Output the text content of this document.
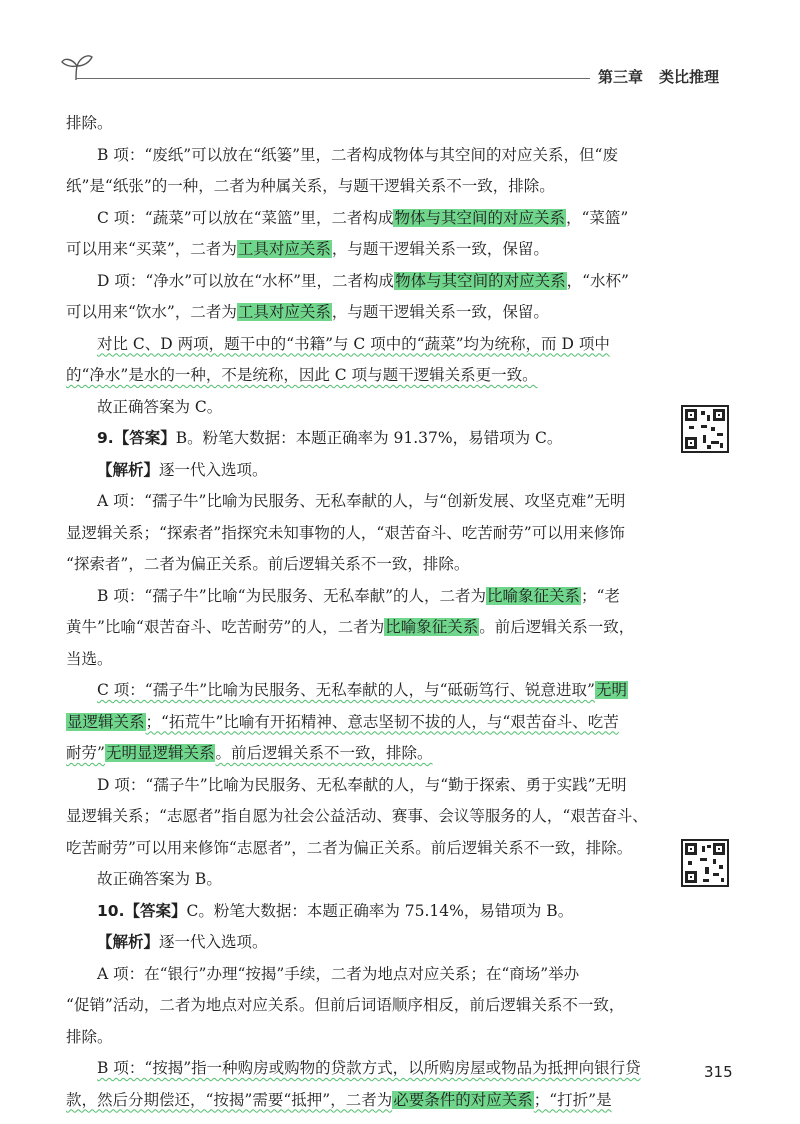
第三章 类比推理
排除。
B 项：“废纸”可以放在“纸篓”里，二者构成物体与其空间的对应关系，但“废
纸”是“纸张”的一种，二者为种属关系，与题干逻辑关系不一致，排除。
C 项：“蔬菜”可以放在“菜篮”里，二者构成物体与其空间的对应关系，“菜篮”
可以用来“买菜”，二者为工具对应关系，与题干逻辑关系一致，保留。
D 项：“净水”可以放在“水杯”里，二者构成物体与其空间的对应关系，“水杯”
可以用来“饮水”，二者为工具对应关系，与题干逻辑关系一致，保留。
对比 C、D 两项，题干中的“书籍”与 C 项中的“蔬菜”均为统称，而 D 项中
的“净水”是水的一种，不是统称，因此 C 项与题干逻辑关系更一致。
故正确答案为 C。
9.【答案】B。粉笔大数据：本题正确率为 91.37%，易错项为 C。
【解析】逐一代入选项。
A 项：“孺子牛”比喻为民服务、无私奉献的人，与“创新发展、攻坚克难”无明
显逻辑关系；“探索者”指探究未知事物的人，“艰苦奋斗、吃苦耐劳”可以用来修饰
“探索者”，二者为偏正关系。前后逻辑关系不一致，排除。
B 项：“孺子牛”比喻“为民服务、无私奉献”的人，二者为比喻象征关系；“老
黄牛”比喻“艰苦奋斗、吃苦耐劳”的人，二者为比喻象征关系。前后逻辑关系一致，
当选。
C 项：“孺子牛”比喻为民服务、无私奉献的人，与“砥砺笃行、锐意进取”无明
显逻辑关系；“拓荒牛”比喻有开拓精神、意志坚韧不拔的人，与“艰苦奋斗、吃苦
耐劳”无明显逻辑关系。前后逻辑关系不一致，排除。
D 项：“孺子牛”比喻为民服务、无私奉献的人，与“勤于探索、勇于实践”无明
显逻辑关系；“志愿者”指自愿为社会公益活动、赛事、会议等服务的人，“艰苦奋斗、
吃苦耐劳”可以用来修饰“志愿者”，二者为偏正关系。前后逻辑关系不一致，排除。
故正确答案为 B。
10.【答案】C。粉笔大数据：本题正确率为 75.14%，易错项为 B。
【解析】逐一代入选项。
A 项：在“银行”办理“按揭”手续，二者为地点对应关系；在“商场”举办
“促销”活动，二者为地点对应关系。但前后词语顺序相反，前后逻辑关系不一致，
排除。
B 项：“按揭”指一种购房或购物的贷款方式，以所购房屋或物品为抵押向银行贷
款，然后分期偿还，“按揭”需要“抵押”，二者为必要条件的对应关系；“打折”是
315
